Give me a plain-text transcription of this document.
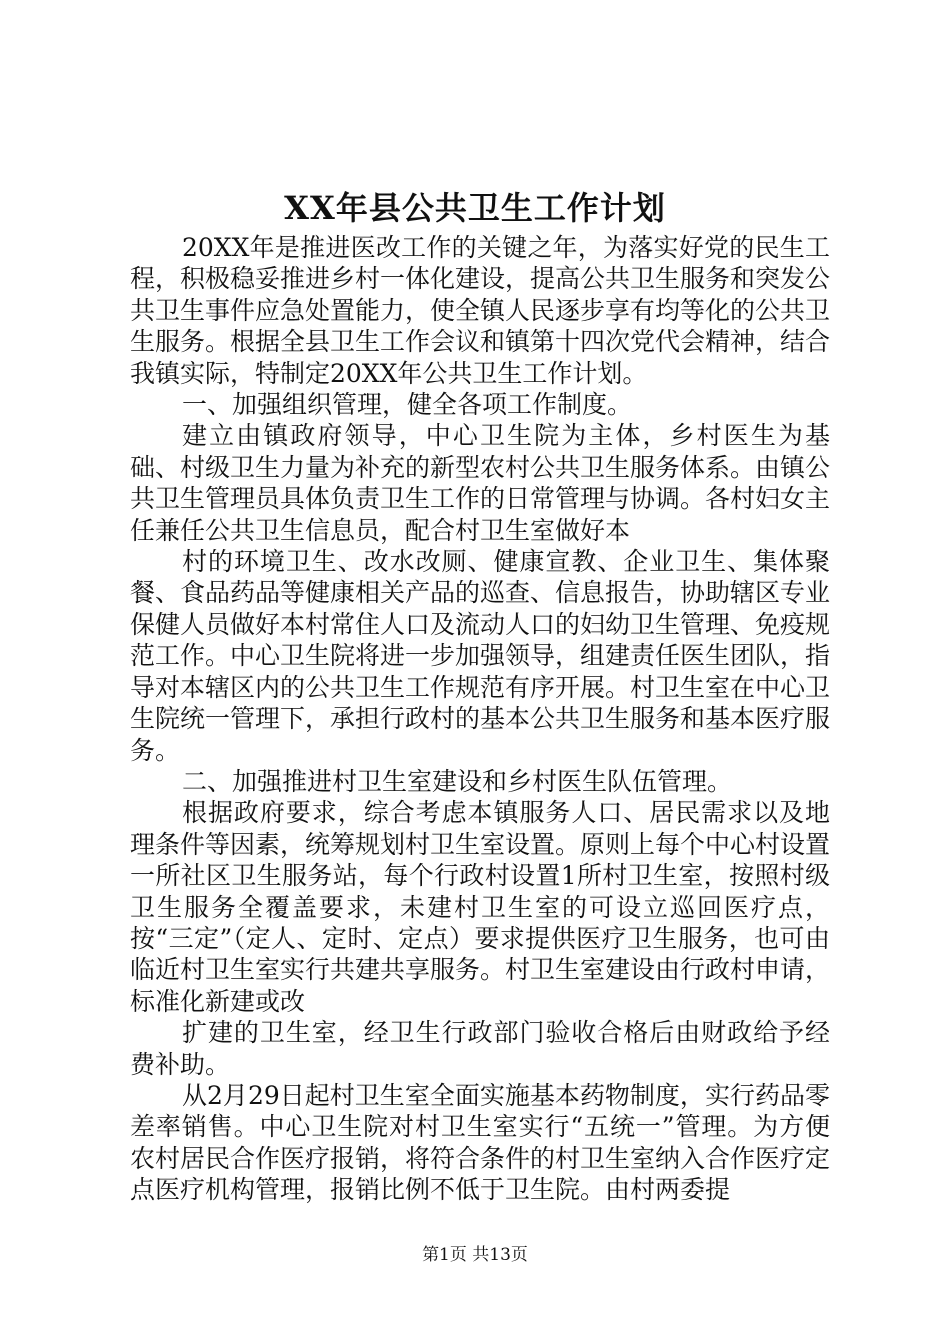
XX年县公共卫生工作计划

20XX年是推进医改工作的关键之年，为落实好党的民生工程，积极稳妥推进乡村一体化建设，提高公共卫生服务和突发公共卫生事件应急处置能力，使全镇人民逐步享有均等化的公共卫生服务。根据全县卫生工作会议和镇第十四次党代会精神，结合我镇实际，特制定20XX年公共卫生工作计划。

一、加强组织管理，健全各项工作制度。

建立由镇政府领导，中心卫生院为主体，乡村医生为基础、村级卫生力量为补充的新型农村公共卫生服务体系。由镇公共卫生管理员具体负责卫生工作的日常管理与协调。各村妇女主任兼任公共卫生信息员，配合村卫生室做好本

村的环境卫生、改水改厕、健康宣教、企业卫生、集体聚餐、食品药品等健康相关产品的巡查、信息报告，协助辖区专业保健人员做好本村常住人口及流动人口的妇幼卫生管理、免疫规范工作。中心卫生院将进一步加强领导，组建责任医生团队，指导对本辖区内的公共卫生工作规范有序开展。村卫生室在中心卫生院统一管理下，承担行政村的基本公共卫生服务和基本医疗服务。

二、加强推进村卫生室建设和乡村医生队伍管理。

根据政府要求，综合考虑本镇服务人口、居民需求以及地理条件等因素，统筹规划村卫生室设置。原则上每个中心村设置一所社区卫生服务站，每个行政村设置1所村卫生室，按照村级卫生服务全覆盖要求，未建村卫生室的可设立巡回医疗点，按“三定”（定人、定时、定点）要求提供医疗卫生服务，也可由临近村卫生室实行共建共享服务。村卫生室建设由行政村申请，标准化新建或改

扩建的卫生室，经卫生行政部门验收合格后由财政给予经费补助。

从2月29日起村卫生室全面实施基本药物制度，实行药品零差率销售。中心卫生院对村卫生室实行“五统一”管理。为方便农村居民合作医疗报销，将符合条件的村卫生室纳入合作医疗定点医疗机构管理，报销比例不低于卫生院。由村两委提

第1页 共13页
